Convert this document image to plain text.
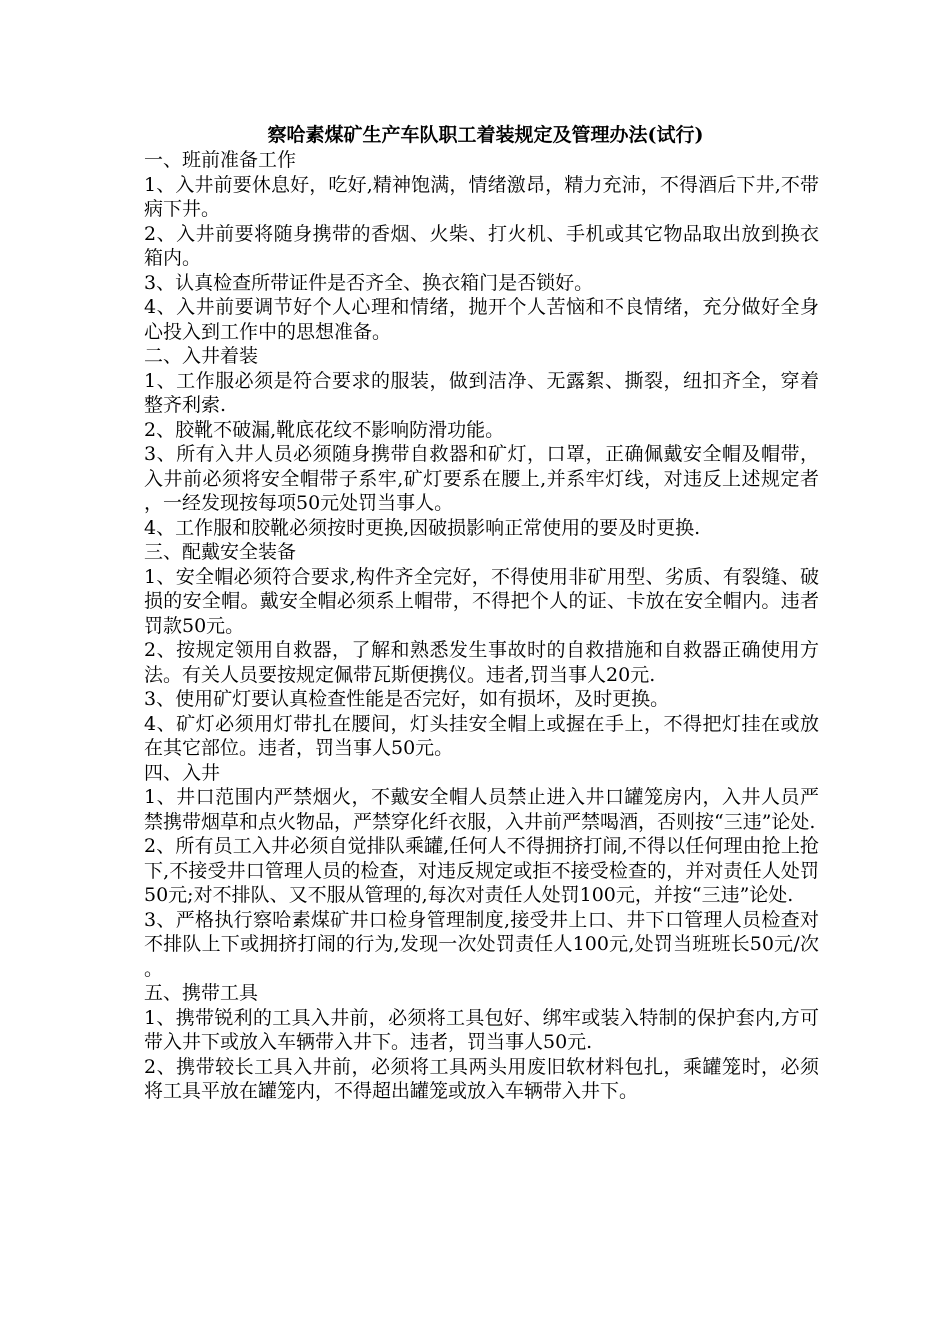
察哈素煤矿生产车队职工着装规定及管理办法(试行)

一、班前准备工作

1、入井前要休息好，吃好,精神饱满，情绪激昂，精力充沛，不得酒后下井,不带病下井。

2、入井前要将随身携带的香烟、火柴、打火机、手机或其它物品取出放到换衣箱内。

3、认真检查所带证件是否齐全、换衣箱门是否锁好。

4、入井前要调节好个人心理和情绪，抛开个人苦恼和不良情绪，充分做好全身心投入到工作中的思想准备。

二、入井着装

1、工作服必须是符合要求的服装，做到洁净、无露絮、撕裂，纽扣齐全，穿着整齐利索.

2、胶靴不破漏,靴底花纹不影响防滑功能。

3、所有入井人员必须随身携带自救器和矿灯，口罩，正确佩戴安全帽及帽带，入井前必须将安全帽带子系牢,矿灯要系在腰上,并系牢灯线，对违反上述规定者，一经发现按每项50元处罚当事人。

4、工作服和胶靴必须按时更换,因破损影响正常使用的要及时更换.

三、配戴安全装备

1、安全帽必须符合要求,构件齐全完好，不得使用非矿用型、劣质、有裂缝、破损的安全帽。戴安全帽必须系上帽带，不得把个人的证、卡放在安全帽内。违者罚款50元。

2、按规定领用自救器，了解和熟悉发生事故时的自救措施和自救器正确使用方法。有关人员要按规定佩带瓦斯便携仪。违者,罚当事人20元.

3、使用矿灯要认真检查性能是否完好，如有损坏，及时更换。

4、矿灯必须用灯带扎在腰间，灯头挂安全帽上或握在手上，不得把灯挂在或放在其它部位。违者，罚当事人50元。

四、入井

1、井口范围内严禁烟火，不戴安全帽人员禁止进入井口罐笼房内，入井人员严禁携带烟草和点火物品，严禁穿化纤衣服，入井前严禁喝酒，否则按“三违”论处.

2、所有员工入井必须自觉排队乘罐,任何人不得拥挤打闹,不得以任何理由抢上抢下,不接受井口管理人员的检查，对违反规定或拒不接受检查的，并对责任人处罚50元;对不排队、又不服从管理的,每次对责任人处罚100元，并按“三违”论处.

3、严格执行察哈素煤矿井口检身管理制度,接受井上口、井下口管理人员检查对不排队上下或拥挤打闹的行为,发现一次处罚责任人100元,处罚当班班长50元/次。

五、携带工具

1、携带锐利的工具入井前，必须将工具包好、绑牢或装入特制的保护套内,方可带入井下或放入车辆带入井下。违者，罚当事人50元.

2、携带较长工具入井前，必须将工具两头用废旧软材料包扎，乘罐笼时，必须将工具平放在罐笼内，不得超出罐笼或放入车辆带入井下。
